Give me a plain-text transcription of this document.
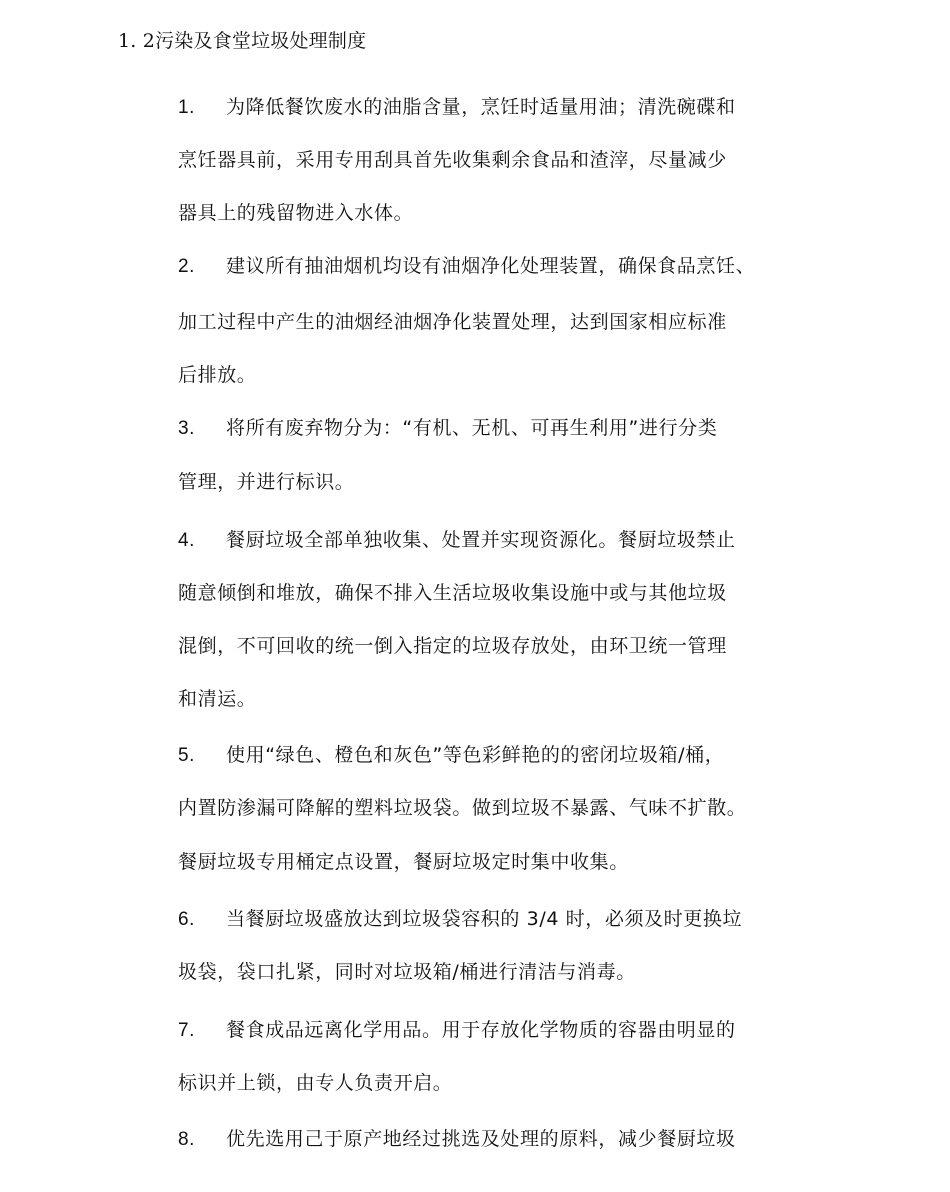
1. 2污染及食堂垃圾处理制度
1. 为降低餐饮废水的油脂含量，烹饪时适量用油；清洗碗碟和
烹饪器具前，采用专用刮具首先收集剩余食品和渣滓，尽量减少
器具上的残留物进入水体。
2. 建议所有抽油烟机均设有油烟净化处理装置，确保食品烹饪、
加工过程中产生的油烟经油烟净化装置处理，达到国家相应标准
后排放。
3. 将所有废弃物分为：“有机、无机、可再生利用”进行分类
管理，并进行标识。
4. 餐厨垃圾全部单独收集、处置并实现资源化。餐厨垃圾禁止
随意倾倒和堆放，确保不排入生活垃圾收集设施中或与其他垃圾
混倒，不可回收的统一倒入指定的垃圾存放处，由环卫统一管理
和清运。
5. 使用“绿色、橙色和灰色”等色彩鲜艳的的密闭垃圾箱/桶，
内置防渗漏可降解的塑料垃圾袋。做到垃圾不暴露、气味不扩散。
餐厨垃圾专用桶定点设置，餐厨垃圾定时集中收集。
6. 当餐厨垃圾盛放达到垃圾袋容积的 3/4 时，必须及时更换垃
圾袋，袋口扎紧，同时对垃圾箱/桶进行清洁与消毒。
7. 餐食成品远离化学用品。用于存放化学物质的容器由明显的
标识并上锁，由专人负责开启。
8. 优先选用己于原产地经过挑选及处理的原料，减少餐厨垃圾
